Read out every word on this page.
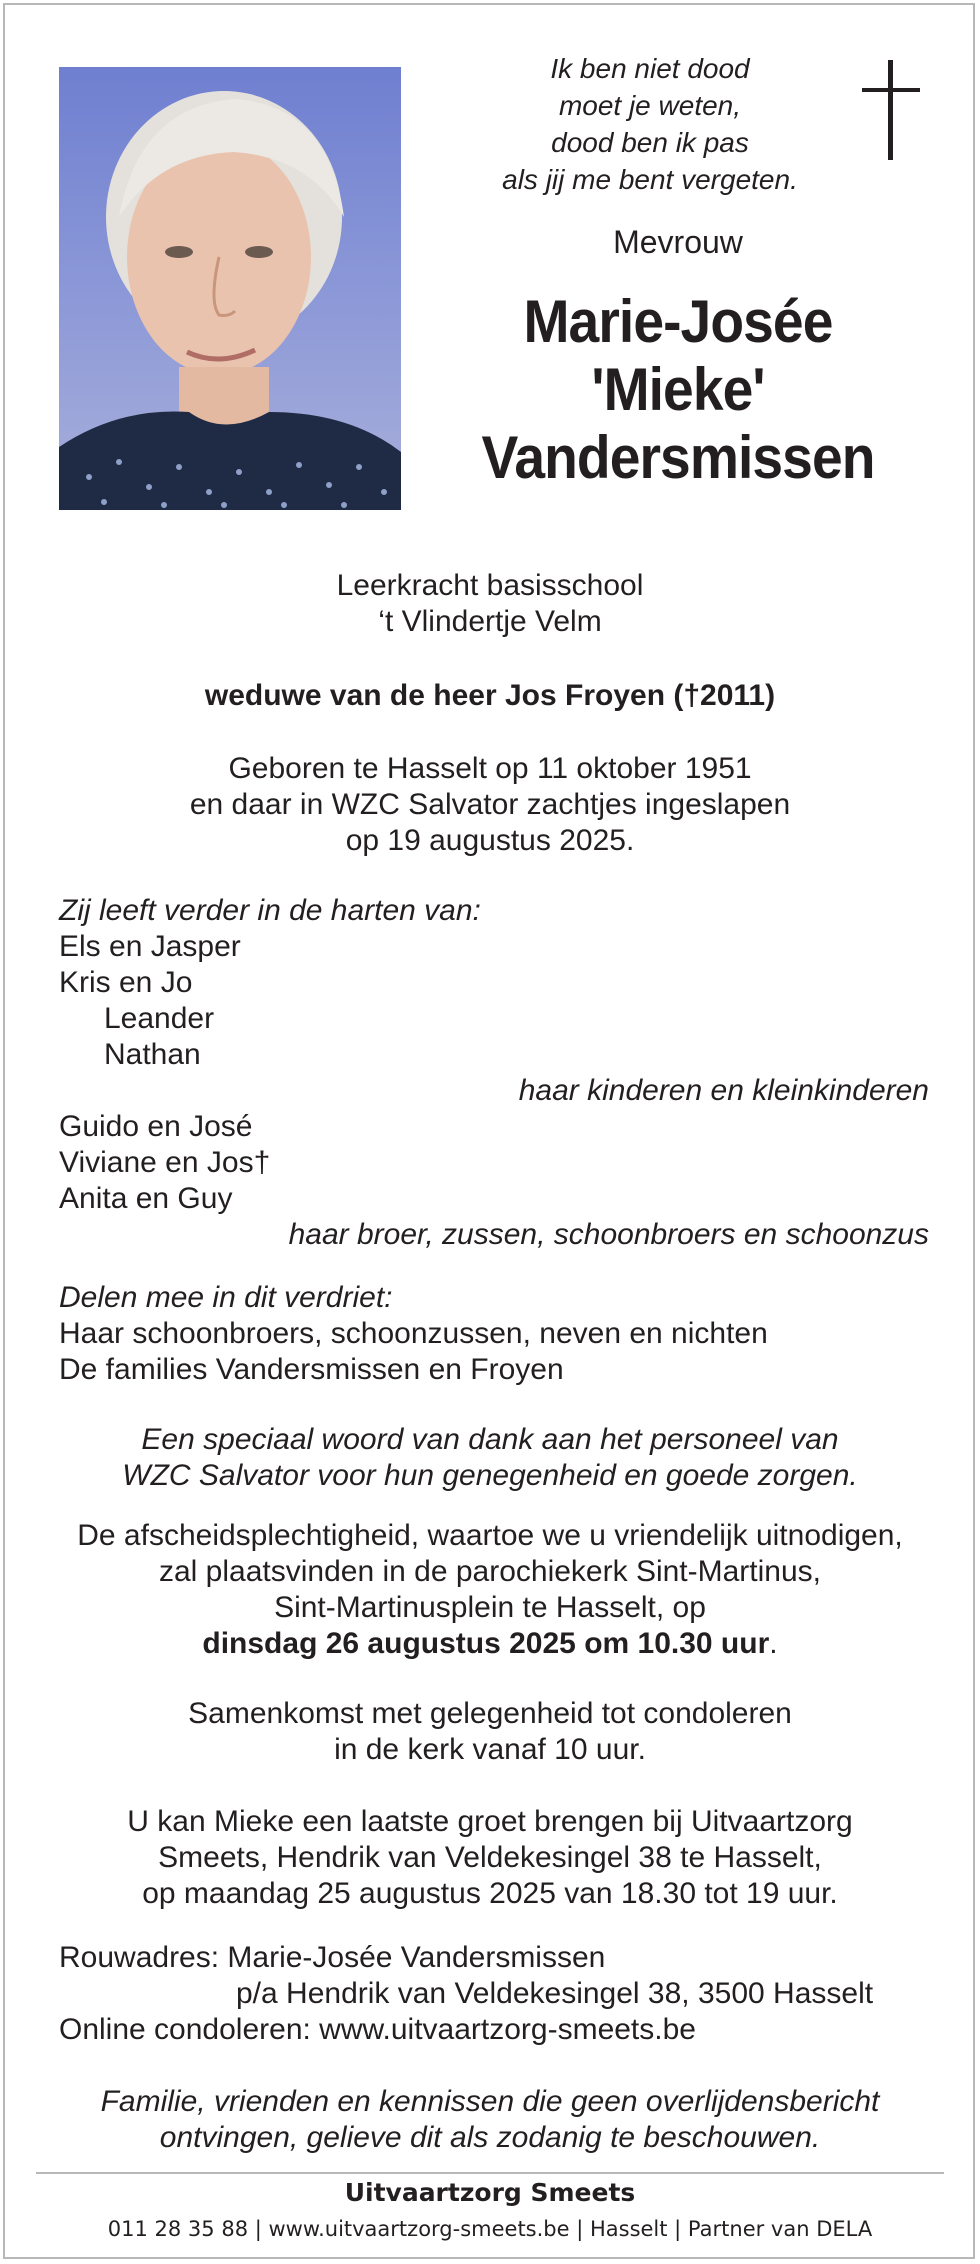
Ik ben niet dood
moet je weten,
dood ben ik pas
als jij me bent vergeten.
Mevrouw
Marie-Josée
'Mieke'
Vandersmissen
Leerkracht basisschool
‘t Vlindertje Velm
weduwe van de heer Jos Froyen (†2011)
Geboren te Hasselt op 11 oktober 1951
en daar in WZC Salvator zachtjes ingeslapen
op 19 augustus 2025.
Zij leeft verder in de harten van:
Els en Jasper
Kris en Jo
Leander
Nathan
haar kinderen en kleinkinderen
Guido en José
Viviane en Jos†
Anita en Guy
haar broer, zussen, schoonbroers en schoonzus
Delen mee in dit verdriet:
Haar schoonbroers, schoonzussen, neven en nichten
De families Vandersmissen en Froyen
Een speciaal woord van dank aan het personeel van
WZC Salvator voor hun genegenheid en goede zorgen.
De afscheidsplechtigheid, waartoe we u vriendelijk uitnodigen,
zal plaatsvinden in de parochiekerk Sint-Martinus,
Sint-Martinusplein te Hasselt, op
dinsdag 26 augustus 2025 om 10.30 uur.
Samenkomst met gelegenheid tot condoleren
in de kerk vanaf 10 uur.
U kan Mieke een laatste groet brengen bij Uitvaartzorg
Smeets, Hendrik van Veldekesingel 38 te Hasselt,
op maandag 25 augustus 2025 van 18.30 tot 19 uur.
Rouwadres: Marie-Josée Vandersmissen
p/a Hendrik van Veldekesingel 38, 3500 Hasselt
Online condoleren: www.uitvaartzorg-smeets.be
Familie, vrienden en kennissen die geen overlijdensbericht
ontvingen, gelieve dit als zodanig te beschouwen.
Uitvaartzorg Smeets
011 28 35 88 | www.uitvaartzorg-smeets.be | Hasselt | Partner van DELA
